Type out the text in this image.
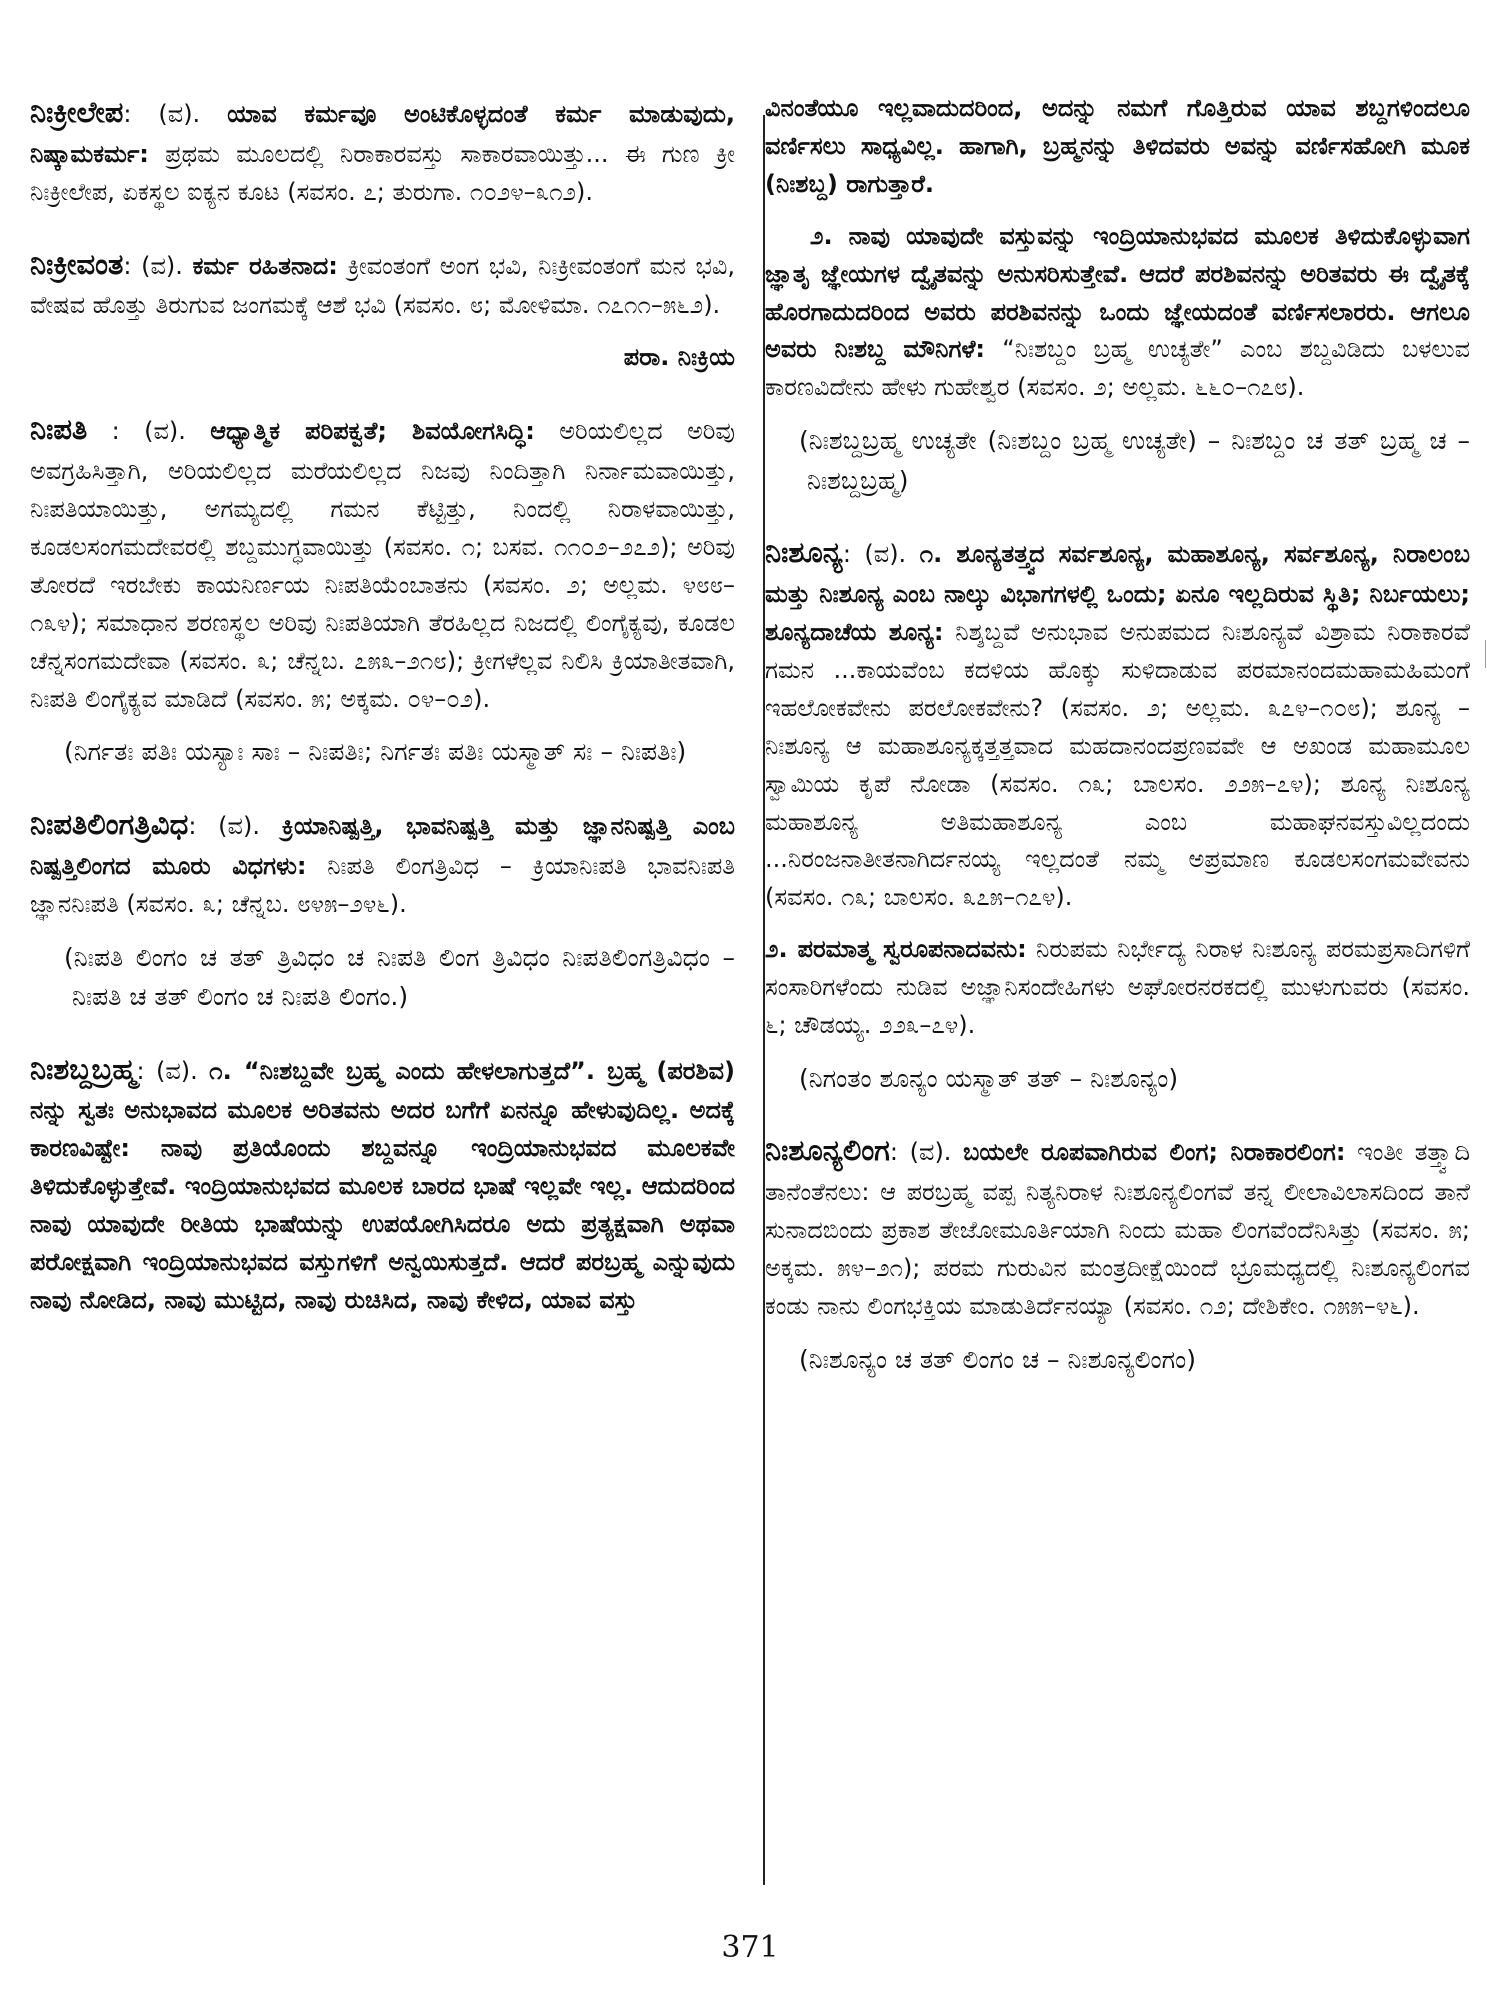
ನಿಃಕ್ರೀಲೇಪ: (ವ). ಯಾವ ಕರ್ಮವೂ ಅಂಟಿಕೊಳ್ಳದಂತೆ ಕರ್ಮ ಮಾಡುವುದು, ನಿಷ್ಕಾಮಕರ್ಮ: ಪ್ರಥಮ ಮೂಲದಲ್ಲಿ ನಿರಾಕಾರವಸ್ತು ಸಾಕಾರವಾಯಿತ್ತು... ಈ ಗುಣ ಕ್ರೀ ನಿಃಕ್ರೀಲೇಪ, ಏಕಸ್ಥಲ ಐಕ್ಯನ ಕೂಟ (ಸವಸಂ. ೭; ತುರುಗಾ. ೧೦೨೪–೩೧೨).
ನಿಃಕ್ರೀವಂತ: (ವ). ಕರ್ಮ ರಹಿತನಾದ: ಕ್ರೀವಂತಂಗೆ ಅಂಗ ಭವಿ, ನಿಃಕ್ರೀವಂತಂಗೆ ಮನ ಭವಿ, ವೇಷವ ಹೊತ್ತು ತಿರುಗುವ ಜಂಗಮಕ್ಕೆ ಆಶೆ ಭವಿ (ಸವಸಂ. ೮; ಮೋಳಿಮಾ. ೧೭೧೧–೫೬೨).
ಪರಾ. ನಿಃಕ್ರಿಯ
ನಿಃಪತಿ : (ವ). ಆಧ್ಯಾತ್ಮಿಕ ಪರಿಪಕ್ವತೆ; ಶಿವಯೋಗಸಿದ್ಧಿ: ಅರಿಯಲಿಲ್ಲದ ಅರಿವು ಅವಗ್ರಹಿಸಿತ್ತಾಗಿ, ಅರಿಯಲಿಲ್ಲದ ಮರೆಯಲಿಲ್ಲದ ನಿಜವು ನಿಂದಿತ್ತಾಗಿ ನಿರ್ನಾಮವಾಯಿತ್ತು, ನಿಃಪತಿಯಾಯಿತ್ತು, ಅಗಮ್ಯದಲ್ಲಿ ಗಮನ ಕೆಟ್ಟಿತ್ತು, ನಿಂದಲ್ಲಿ ನಿರಾಳವಾಯಿತ್ತು, ಕೂಡಲಸಂಗಮದೇವರಲ್ಲಿ ಶಬ್ದಮುಗ್ಧವಾಯಿತ್ತು (ಸವಸಂ. ೧; ಬಸವ. ೧೧೦೨–೨೭೨); ಅರಿವು ತೋರದೆ ಇರಬೇಕು ಕಾಯನಿರ್ಣಯ ನಿಃಪತಿಯೆಂಬಾತನು (ಸವಸಂ. ೨; ಅಲ್ಲಮ. ೪೮೮–೧೩೪); ಸಮಾಧಾನ ಶರಣಸ್ಥಲ ಅರಿವು ನಿಃಪತಿಯಾಗಿ ತೆರಹಿಲ್ಲದ ನಿಜದಲ್ಲಿ ಲಿಂಗೈಕ್ಯವು, ಕೂಡಲ ಚೆನ್ನಸಂಗಮದೇವಾ (ಸವಸಂ. ೩; ಚೆನ್ನಬ. ೭೫೩–೨೧೮); ಕ್ರೀಗಳೆಲ್ಲವ ನಿಲಿಸಿ ಕ್ರಿಯಾತೀತವಾಗಿ, ನಿಃಪತಿ ಲಿಂಗೈಕ್ಯವ ಮಾಡಿದೆ (ಸವಸಂ. ೫; ಅಕ್ಕಮ. ೦೪–೦೨).
(ನಿರ್ಗತಃ ಪತಿಃ ಯಸ್ಯಾಃ ಸಾಃ – ನಿಃಪತಿಃ; ನಿರ್ಗತಃ ಪತಿಃ ಯಸ್ಮಾತ್ ಸಃ – ನಿಃಪತಿಃ)
ನಿಃಪತಿಲಿಂಗತ್ರಿವಿಧ: (ವ). ಕ್ರಿಯಾನಿಷ್ಪತ್ತಿ, ಭಾವನಿಷ್ಪತ್ತಿ ಮತ್ತು ಜ್ಞಾನನಿಷ್ಪತ್ತಿ ಎಂಬ ನಿಷ್ಪತ್ತಿಲಿಂಗದ ಮೂರು ವಿಧಗಳು: ನಿಃಪತಿ ಲಿಂಗತ್ರಿವಿಧ – ಕ್ರಿಯಾನಿಃಪತಿ ಭಾವನಿಃಪತಿ ಜ್ಞಾನನಿಃಪತಿ (ಸವಸಂ. ೩; ಚೆನ್ನಬ. ೮೪೫–೨೪೬).
(ನಿಃಪತಿ ಲಿಂಗಂ ಚ ತತ್ ತ್ರಿವಿಧಂ ಚ ನಿಃಪತಿ ಲಿಂಗ ತ್ರಿವಿಧಂ ನಿಃಪತಿಲಿಂಗತ್ರಿವಿಧಂ – ನಿಃಪತಿ ಚ ತತ್ ಲಿಂಗಂ ಚ ನಿಃಪತಿ ಲಿಂಗಂ.)
ನಿಃಶಬ್ದಬ್ರಹ್ಮ: (ವ). ೧. “ನಿಃಶಬ್ದವೇ ಬ್ರಹ್ಮ ಎಂದು ಹೇಳಲಾಗುತ್ತದೆ”. ಬ್ರಹ್ಮ (ಪರಶಿವ) ನನ್ನು ಸ್ವತಃ ಅನುಭಾವದ ಮೂಲಕ ಅರಿತವನು ಅದರ ಬಗೆಗೆ ಏನನ್ನೂ ಹೇಳುವುದಿಲ್ಲ. ಅದಕ್ಕೆ ಕಾರಣವಿಷ್ಟೇ: ನಾವು ಪ್ರತಿಯೊಂದು ಶಬ್ದವನ್ನೂ ಇಂದ್ರಿಯಾನುಭವದ ಮೂಲಕವೇ ತಿಳಿದುಕೊಳ್ಳುತ್ತೇವೆ. ಇಂದ್ರಿಯಾನುಭವದ ಮೂಲಕ ಬಾರದ ಭಾಷೆ ಇಲ್ಲವೇ ಇಲ್ಲ. ಆದುದರಿಂದ ನಾವು ಯಾವುದೇ ರೀತಿಯ ಭಾಷೆಯನ್ನು ಉಪಯೋಗಿಸಿದರೂ ಅದು ಪ್ರತ್ಯಕ್ಷವಾಗಿ ಅಥವಾ ಪರೋಕ್ಷವಾಗಿ ಇಂದ್ರಿಯಾನುಭವದ ವಸ್ತುಗಳಿಗೆ ಅನ್ವಯಿಸುತ್ತದೆ. ಆದರೆ ಪರಬ್ರಹ್ಮ ಎನ್ನುವುದು ನಾವು ನೋಡಿದ, ನಾವು ಮುಟ್ಟಿದ, ನಾವು ರುಚಿಸಿದ, ನಾವು ಕೇಳಿದ, ಯಾವ ವಸ್ತು
ವಿನಂತೆಯೂ ಇಲ್ಲವಾದುದರಿಂದ, ಅದನ್ನು ನಮಗೆ ಗೊತ್ತಿರುವ ಯಾವ ಶಬ್ದಗಳಿಂದಲೂ ವರ್ಣಿಸಲು ಸಾಧ್ಯವಿಲ್ಲ. ಹಾಗಾಗಿ, ಬ್ರಹ್ಮನನ್ನು ತಿಳಿದವರು ಅವನ್ನು ವರ್ಣಿಸಹೋಗಿ ಮೂಕ (ನಿಃಶಬ್ದ) ರಾಗುತ್ತಾರೆ.
೨. ನಾವು ಯಾವುದೇ ವಸ್ತುವನ್ನು ಇಂದ್ರಿಯಾನುಭವದ ಮೂಲಕ ತಿಳಿದುಕೊಳ್ಳುವಾಗ ಜ್ಞಾತೃ ಜ್ಞೇಯಗಳ ದ್ವೈತವನ್ನು ಅನುಸರಿಸುತ್ತೇವೆ. ಆದರೆ ಪರಶಿವನನ್ನು ಅರಿತವರು ಈ ದ್ವೈತಕ್ಕೆ ಹೊರಗಾದುದರಿಂದ ಅವರು ಪರಶಿವನನ್ನು ಒಂದು ಜ್ಞೇಯದಂತೆ ವರ್ಣಿಸಲಾರರು. ಆಗಲೂ ಅವರು ನಿಃಶಬ್ದ ಮೌನಿಗಳೆ: “ನಿಃಶಬ್ದಂ ಬ್ರಹ್ಮ ಉಚ್ಯತೇ” ಎಂಬ ಶಬ್ದವಿಡಿದು ಬಳಲುವ ಕಾರಣವಿದೇನು ಹೇಳು ಗುಹೇಶ್ವರ (ಸವಸಂ. ೨; ಅಲ್ಲಮ. ೬೬೦–೧೭೮).
(ನಿಃಶಬ್ದಬ್ರಹ್ಮ ಉಚ್ಯತೇ (ನಿಃಶಬ್ದಂ ಬ್ರಹ್ಮ ಉಚ್ಯತೇ) – ನಿಃಶಬ್ದಂ ಚ ತತ್ ಬ್ರಹ್ಮ ಚ – ನಿಃಶಬ್ದಬ್ರಹ್ಮ)
ನಿಃಶೂನ್ಯ: (ವ). ೧. ಶೂನ್ಯತತ್ತ್ವದ ಸರ್ವಶೂನ್ಯ, ಮಹಾಶೂನ್ಯ, ಸರ್ವಶೂನ್ಯ, ನಿರಾಲಂಬ ಮತ್ತು ನಿಃಶೂನ್ಯ ಎಂಬ ನಾಲ್ಕು ವಿಭಾಗಗಳಲ್ಲಿ ಒಂದು; ಏನೂ ಇಲ್ಲದಿರುವ ಸ್ಥಿತಿ; ನಿರ್ಬಯಲು; ಶೂನ್ಯದಾಚೆಯ ಶೂನ್ಯ: ನಿಶ್ಶಬ್ದವೆ ಅನುಭಾವ ಅನುಪಮದ ನಿಃಶೂನ್ಯವೆ ವಿಶ್ರಾಮ ನಿರಾಕಾರವೆ ಗಮನ ...ಕಾಯವೆಂಬ ಕದಳಿಯ ಹೊಕ್ಕು ಸುಳಿದಾಡುವ ಪರಮಾನಂದಮಹಾಮಹಿಮಂಗೆ ಇಹಲೋಕವೇನು ಪರಲೋಕವೇನು? (ಸವಸಂ. ೨; ಅಲ್ಲಮ. ೩೭೪–೧೦೮); ಶೂನ್ಯ – ನಿಃಶೂನ್ಯ ಆ ಮಹಾಶೂನ್ಯಕ್ಕತ್ತತ್ತವಾದ ಮಹದಾನಂದಪ್ರಣವವೇ ಆ ಅಖಂಡ ಮಹಾಮೂಲ ಸ್ವಾಮಿಯ ಕೃಪೆ ನೋಡಾ (ಸವಸಂ. ೧೩; ಬಾಲಸಂ. ೨೨೫–೭೪); ಶೂನ್ಯ ನಿಃಶೂನ್ಯ ಮಹಾಶೂನ್ಯ ಅತಿಮಹಾಶೂನ್ಯ ಎಂಬ ಮಹಾಘನವಸ್ತುವಿಲ್ಲದಂದು ...ನಿರಂಜನಾತೀತನಾಗಿರ್ದನಯ್ಯ ಇಲ್ಲದಂತೆ ನಮ್ಮ ಅಪ್ರಮಾಣ ಕೂಡಲಸಂಗಮವೇವನು (ಸವಸಂ. ೧೩; ಬಾಲಸಂ. ೩೭೫–೧೭೪).
೨. ಪರಮಾತ್ಮ ಸ್ವರೂಪನಾದವನು: ನಿರುಪಮ ನಿರ್ಭೇದ್ಯ ನಿರಾಳ ನಿಃಶೂನ್ಯ ಪರಮಪ್ರಸಾದಿಗಳಿಗೆ ಸಂಸಾರಿಗಳೆಂದು ನುಡಿವ ಅಜ್ಞಾನಿಸಂದೇಹಿಗಳು ಅಘೋರನರಕದಲ್ಲಿ ಮುಳುಗುವರು (ಸವಸಂ. ೬; ಚೌಡಯ್ಯ. ೨೨೩–೭೪).
(ನಿಗಂತಂ ಶೂನ್ಯಂ ಯಸ್ಮಾತ್ ತತ್ – ನಿಃಶೂನ್ಯಂ)
ನಿಃಶೂನ್ಯಲಿಂಗ: (ವ). ಬಯಲೇ ರೂಪವಾಗಿರುವ ಲಿಂಗ; ನಿರಾಕಾರಲಿಂಗ: ಇಂತೀ ತತ್ತ್ವಾದಿ ತಾನೆಂತೆನಲು: ಆ ಪರಬ್ರಹ್ಮ ವಪ್ಪ ನಿತ್ಯನಿರಾಳ ನಿಃಶೂನ್ಯಲಿಂಗವೆ ತನ್ನ ಲೀಲಾವಿಲಾಸದಿಂದ ತಾನೆ ಸುನಾದಬಿಂದು ಪ್ರಕಾಶ ತೇಜೋಮೂರ್ತಿಯಾಗಿ ನಿಂದು ಮಹಾ ಲಿಂಗವೆಂದೆನಿಸಿತ್ತು (ಸವಸಂ. ೫; ಅಕ್ಕಮ. ೫೪–೨೧); ಪರಮ ಗುರುವಿನ ಮಂತ್ರದೀಕ್ಷೆಯಿಂದೆ ಭ್ರೂಮಧ್ಯದಲ್ಲಿ ನಿಃಶೂನ್ಯಲಿಂಗವ ಕಂಡು ನಾನು ಲಿಂಗಭಕ್ತಿಯ ಮಾಡುತಿರ್ದೆನಯ್ಯಾ (ಸವಸಂ. ೧೨; ದೇಶಿಕೇಂ. ೧೫೫–೪೬).
(ನಿಃಶೂನ್ಯಂ ಚ ತತ್ ಲಿಂಗಂ ಚ – ನಿಃಶೂನ್ಯಲಿಂಗಂ)
371
